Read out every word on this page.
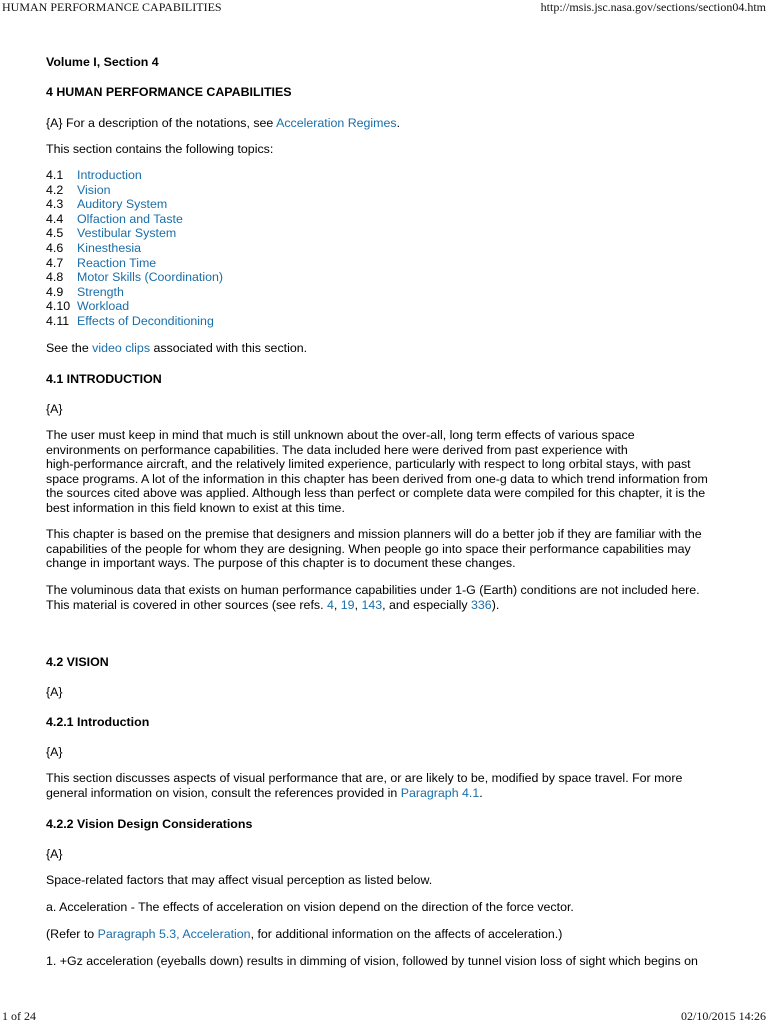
HUMAN PERFORMANCE CAPABILITIES	http://msis.jsc.nasa.gov/sections/section04.htm
Volume I, Section 4
4 HUMAN PERFORMANCE CAPABILITIES
{A} For a description of the notations, see Acceleration Regimes.
This section contains the following topics:
4.1 Introduction
4.2 Vision
4.3 Auditory System
4.4 Olfaction and Taste
4.5 Vestibular System
4.6 Kinesthesia
4.7 Reaction Time
4.8 Motor Skills (Coordination)
4.9 Strength
4.10 Workload
4.11 Effects of Deconditioning
See the video clips associated with this section.
4.1 INTRODUCTION
{A}
The user must keep in mind that much is still unknown about the over-all, long term effects of various space
environments on performance capabilities. The data included here were derived from past experience with
high-performance aircraft, and the relatively limited experience, particularly with respect to long orbital stays, with past
space programs. A lot of the information in this chapter has been derived from one-g data to which trend information from
the sources cited above was applied. Although less than perfect or complete data were compiled for this chapter, it is the
best information in this field known to exist at this time.
This chapter is based on the premise that designers and mission planners will do a better job if they are familiar with the
capabilities of the people for whom they are designing. When people go into space their performance capabilities may
change in important ways. The purpose of this chapter is to document these changes.
The voluminous data that exists on human performance capabilities under 1-G (Earth) conditions are not included here.
This material is covered in other sources (see refs. 4, 19, 143, and especially 336).
4.2 VISION
{A}
4.2.1 Introduction
{A}
This section discusses aspects of visual performance that are, or are likely to be, modified by space travel. For more
general information on vision, consult the references provided in Paragraph 4.1.
4.2.2 Vision Design Considerations
{A}
Space-related factors that may affect visual perception as listed below.
a. Acceleration - The effects of acceleration on vision depend on the direction of the force vector.
(Refer to Paragraph 5.3, Acceleration, for additional information on the affects of acceleration.)
1. +Gz acceleration (eyeballs down) results in dimming of vision, followed by tunnel vision loss of sight which begins on
1 of 24	02/10/2015 14:26
